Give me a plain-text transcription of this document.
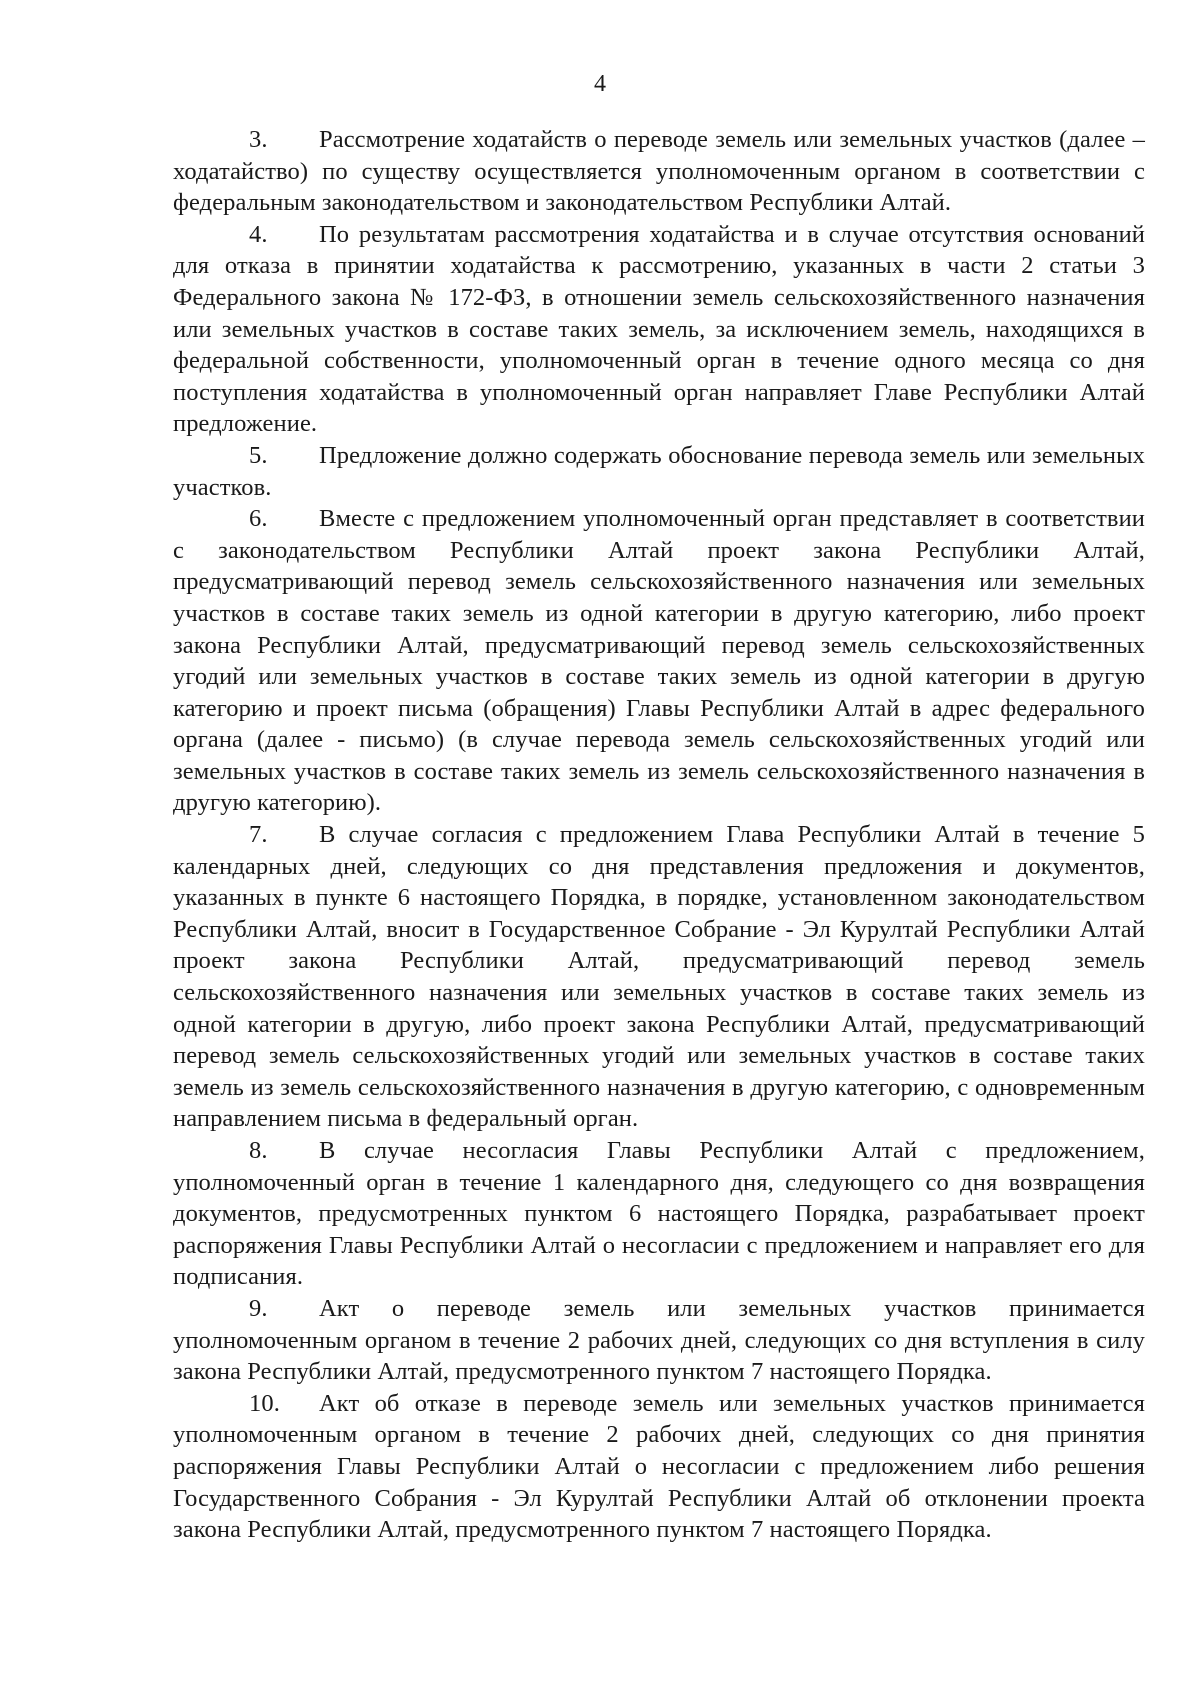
4

3. Рассмотрение ходатайств о переводе земель или земельных участков (далее – ходатайство) по существу осуществляется уполномоченным органом в соответствии с федеральным законодательством и законодательством Республики Алтай.

4. По результатам рассмотрения ходатайства и в случае отсутствия оснований для отказа в принятии ходатайства к рассмотрению, указанных в части 2 статьи 3 Федерального закона № 172-ФЗ, в отношении земель сельскохозяйственного назначения или земельных участков в составе таких земель, за исключением земель, находящихся в федеральной собственности, уполномоченный орган в течение одного месяца со дня поступления ходатайства в уполномоченный орган направляет Главе Республики Алтай предложение.

5. Предложение должно содержать обоснование перевода земель или земельных участков.

6. Вместе с предложением уполномоченный орган представляет в соответствии с законодательством Республики Алтай проект закона Республики Алтай, предусматривающий перевод земель сельскохозяйственного назначения или земельных участков в составе таких земель из одной категории в другую категорию, либо проект закона Республики Алтай, предусматривающий перевод земель сельскохозяйственных угодий или земельных участков в составе таких земель из одной категории в другую категорию и проект письма (обращения) Главы Республики Алтай в адрес федерального органа (далее - письмо) (в случае перевода земель сельскохозяйственных угодий или земельных участков в составе таких земель из земель сельскохозяйственного назначения в другую категорию).

7. В случае согласия с предложением Глава Республики Алтай в течение 5 календарных дней, следующих со дня представления предложения и документов, указанных в пункте 6 настоящего Порядка, в порядке, установленном законодательством Республики Алтай, вносит в Государственное Собрание - Эл Курултай Республики Алтай проект закона Республики Алтай, предусматривающий перевод земель сельскохозяйственного назначения или земельных участков в составе таких земель из одной категории в другую, либо проект закона Республики Алтай, предусматривающий перевод земель сельскохозяйственных угодий или земельных участков в составе таких земель из земель сельскохозяйственного назначения в другую категорию, с одновременным направлением письма в федеральный орган.

8. В случае несогласия Главы Республики Алтай с предложением, уполномоченный орган в течение 1 календарного дня, следующего со дня возвращения документов, предусмотренных пунктом 6 настоящего Порядка, разрабатывает проект распоряжения Главы Республики Алтай о несогласии с предложением и направляет его для подписания.

9. Акт о переводе земель или земельных участков принимается уполномоченным органом в течение 2 рабочих дней, следующих со дня вступления в силу закона Республики Алтай, предусмотренного пунктом 7 настоящего Порядка.

10. Акт об отказе в переводе земель или земельных участков принимается уполномоченным органом в течение 2 рабочих дней, следующих со дня принятия распоряжения Главы Республики Алтай о несогласии с предложением либо решения Государственного Собрания - Эл Курултай Республики Алтай об отклонении проекта закона Республики Алтай, предусмотренного пунктом 7 настоящего Порядка.
